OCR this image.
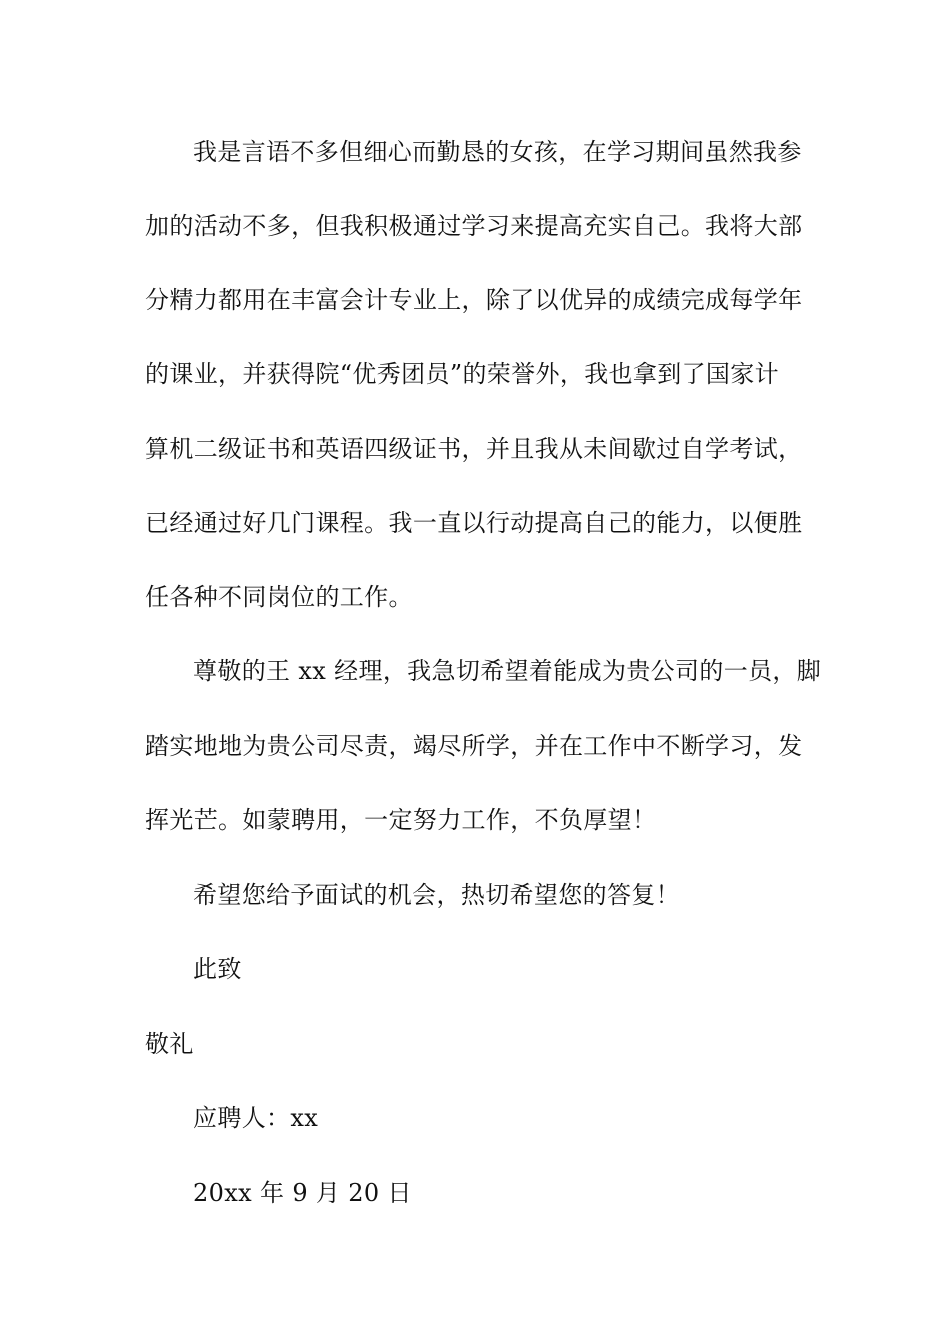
我是言语不多但细心而勤恳的女孩，在学习期间虽然我参
加的活动不多，但我积极通过学习来提高充实自己。我将大部
分精力都用在丰富会计专业上，除了以优异的成绩完成每学年
的课业，并获得院“优秀团员”的荣誉外，我也拿到了国家计
算机二级证书和英语四级证书，并且我从未间歇过自学考试，
已经通过好几门课程。我一直以行动提高自己的能力，以便胜
任各种不同岗位的工作。
尊敬的王 xx 经理，我急切希望着能成为贵公司的一员，脚
踏实地地为贵公司尽责，竭尽所学，并在工作中不断学习，发
挥光芒。如蒙聘用，一定努力工作，不负厚望！
希望您给予面试的机会，热切希望您的答复！
此致
敬礼
应聘人：xx
20xx 年 9 月 20 日
